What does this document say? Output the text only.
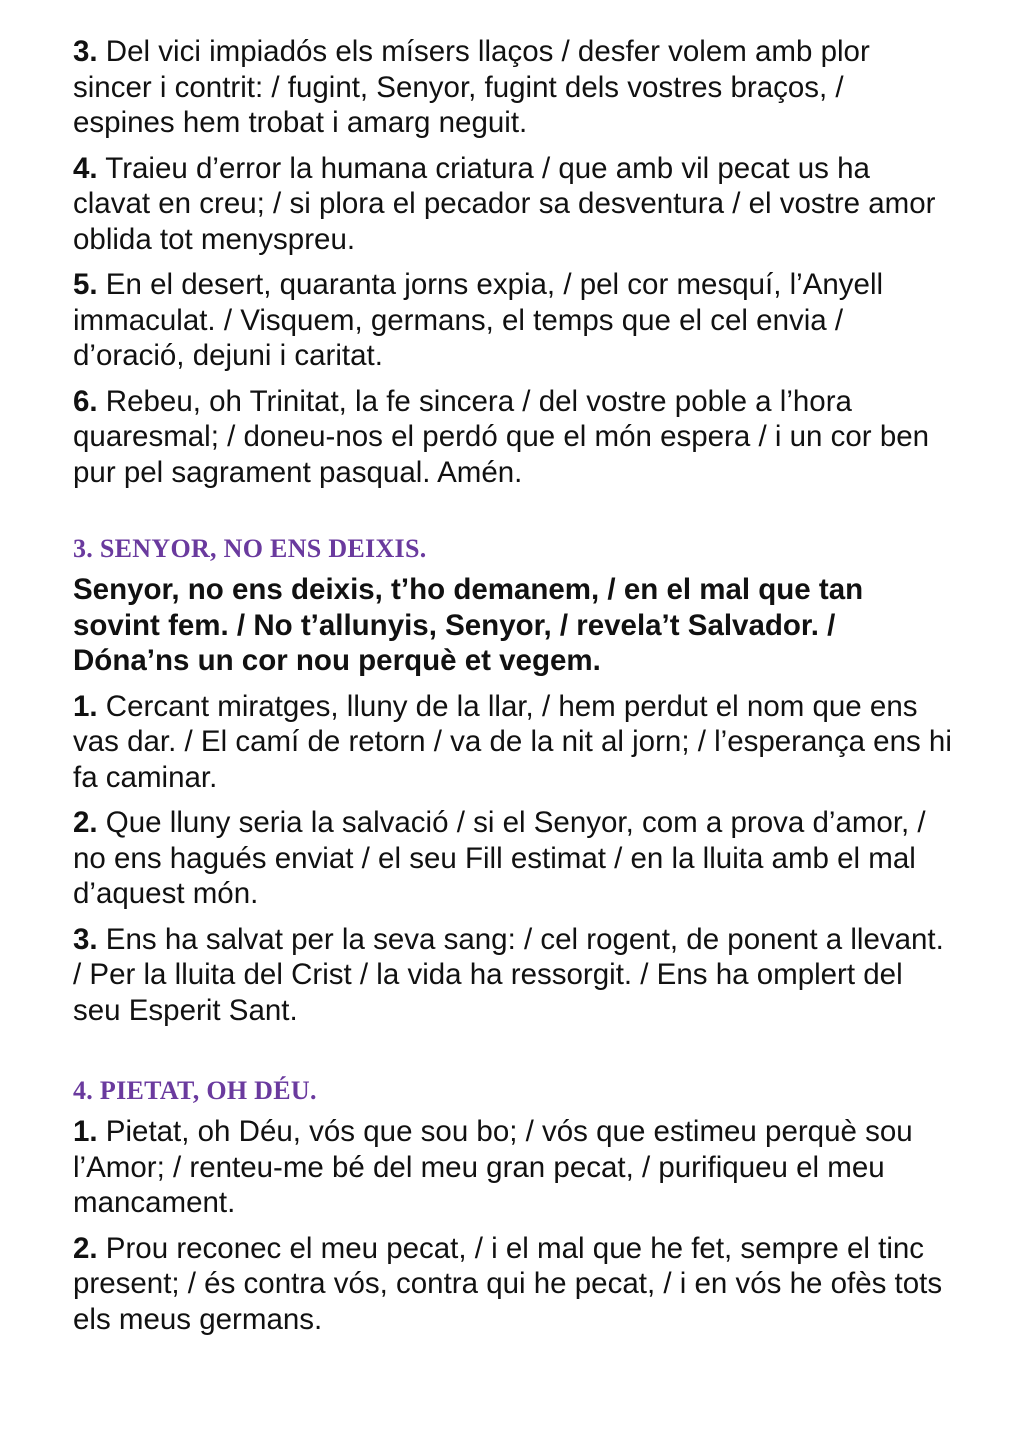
3. Del vici impiadós els mísers llaços / desfer volem amb plor sincer i contrit: / fugint, Senyor, fugint dels vostres braços, / espines hem trobat i amarg neguit.

4. Traieu d’error la humana criatura / que amb vil pecat us ha clavat en creu; / si plora el pecador sa desventura / el vostre amor oblida tot menyspreu.

5. En el desert, quaranta jorns expia, / pel cor mesquí, l’Anyell immaculat. / Visquem, germans, el temps que el cel envia / d’oració, dejuni i caritat.

6. Rebeu, oh Trinitat, la fe sincera / del vostre poble a l’hora quaresmal; / doneu-nos el perdó que el món espera / i un cor ben pur pel sagrament pasqual. Amén.

3. SENYOR, NO ENS DEIXIS.

Senyor, no ens deixis, t’ho demanem, / en el mal que tan sovint fem. / No t’allunyis, Senyor, / revela’t Salvador. / Dóna’ns un cor nou perquè et vegem.

1. Cercant miratges, lluny de la llar, / hem perdut el nom que ens vas dar. / El camí de retorn / va de la nit al jorn; / l’esperança ens hi fa caminar.

2. Que lluny seria la salvació / si el Senyor, com a prova d’amor, / no ens hagués enviat / el seu Fill estimat / en la lluita amb el mal d’aquest món.

3. Ens ha salvat per la seva sang: / cel rogent, de ponent a llevant. / Per la lluita del Crist / la vida ha ressorgit. / Ens ha omplert del seu Esperit Sant.

4. PIETAT, OH DÉU.

1. Pietat, oh Déu, vós que sou bo; / vós que estimeu perquè sou l’Amor; / renteu-me bé del meu gran pecat, / purifiqueu el meu mancament.

2. Prou reconec el meu pecat, / i el mal que he fet, sempre el tinc present; / és contra vós, contra qui he pecat, / i en vós he ofès tots els meus germans.
